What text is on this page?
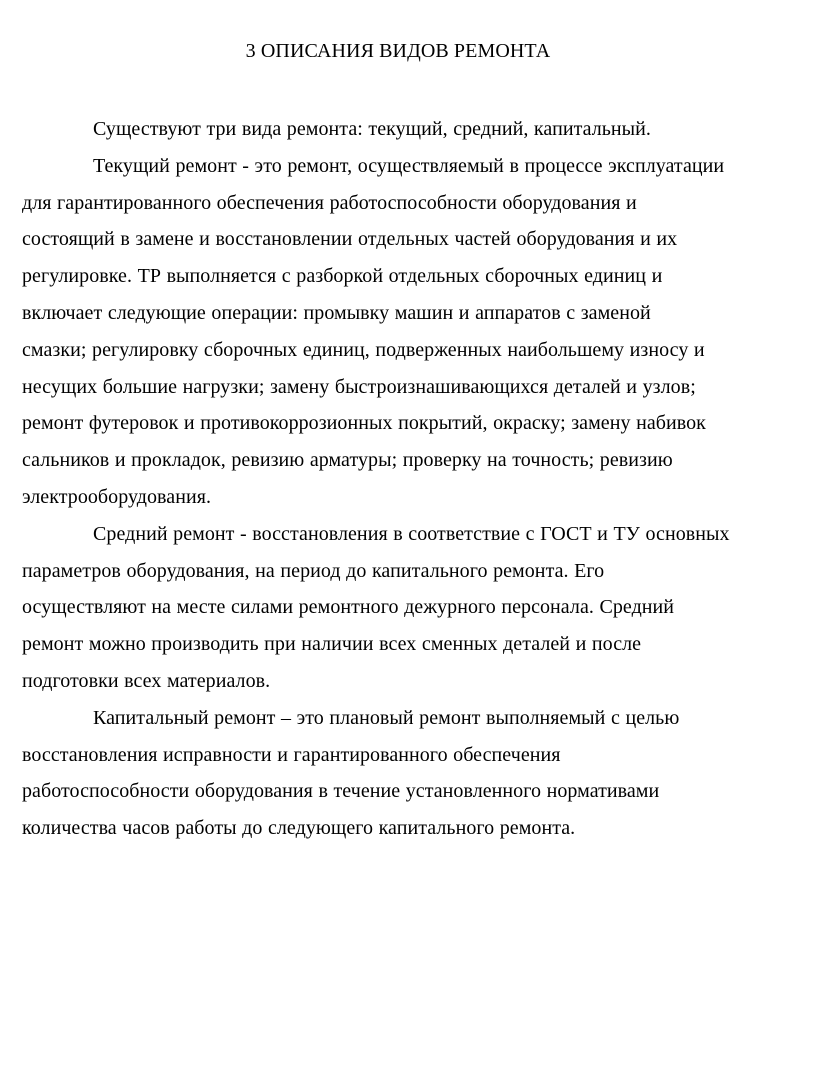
3 ОПИСАНИЯ ВИДОВ РЕМОНТА

Существуют три вида ремонта: текущий, средний, капитальный.

Текущий ремонт - это ремонт, осуществляемый в процессе эксплуатации
для гарантированного обеспечения работоспособности оборудования и
состоящий в замене и восстановлении отдельных частей оборудования и их
регулировке. ТР выполняется с разборкой отдельных сборочных единиц и
включает следующие операции: промывку машин и аппаратов с заменой
смазки; регулировку сборочных единиц, подверженных наибольшему износу и
несущих большие нагрузки; замену быстроизнашивающихся деталей и узлов;
ремонт футеровок и противокоррозионных покрытий, окраску; замену набивок
сальников и прокладок, ревизию арматуры; проверку на точность; ревизию
электрооборудования.

Средний ремонт - восстановления в соответствие с ГОСТ и ТУ основных
параметров оборудования, на период до капитального ремонта. Его
осуществляют на месте силами ремонтного дежурного персонала. Средний
ремонт можно производить при наличии всех сменных деталей и после
подготовки всех материалов.

Капитальный ремонт – это плановый ремонт выполняемый с целью
восстановления исправности и гарантированного обеспечения
работоспособности оборудования в течение установленного нормативами
количества часов работы до следующего капитального ремонта.
